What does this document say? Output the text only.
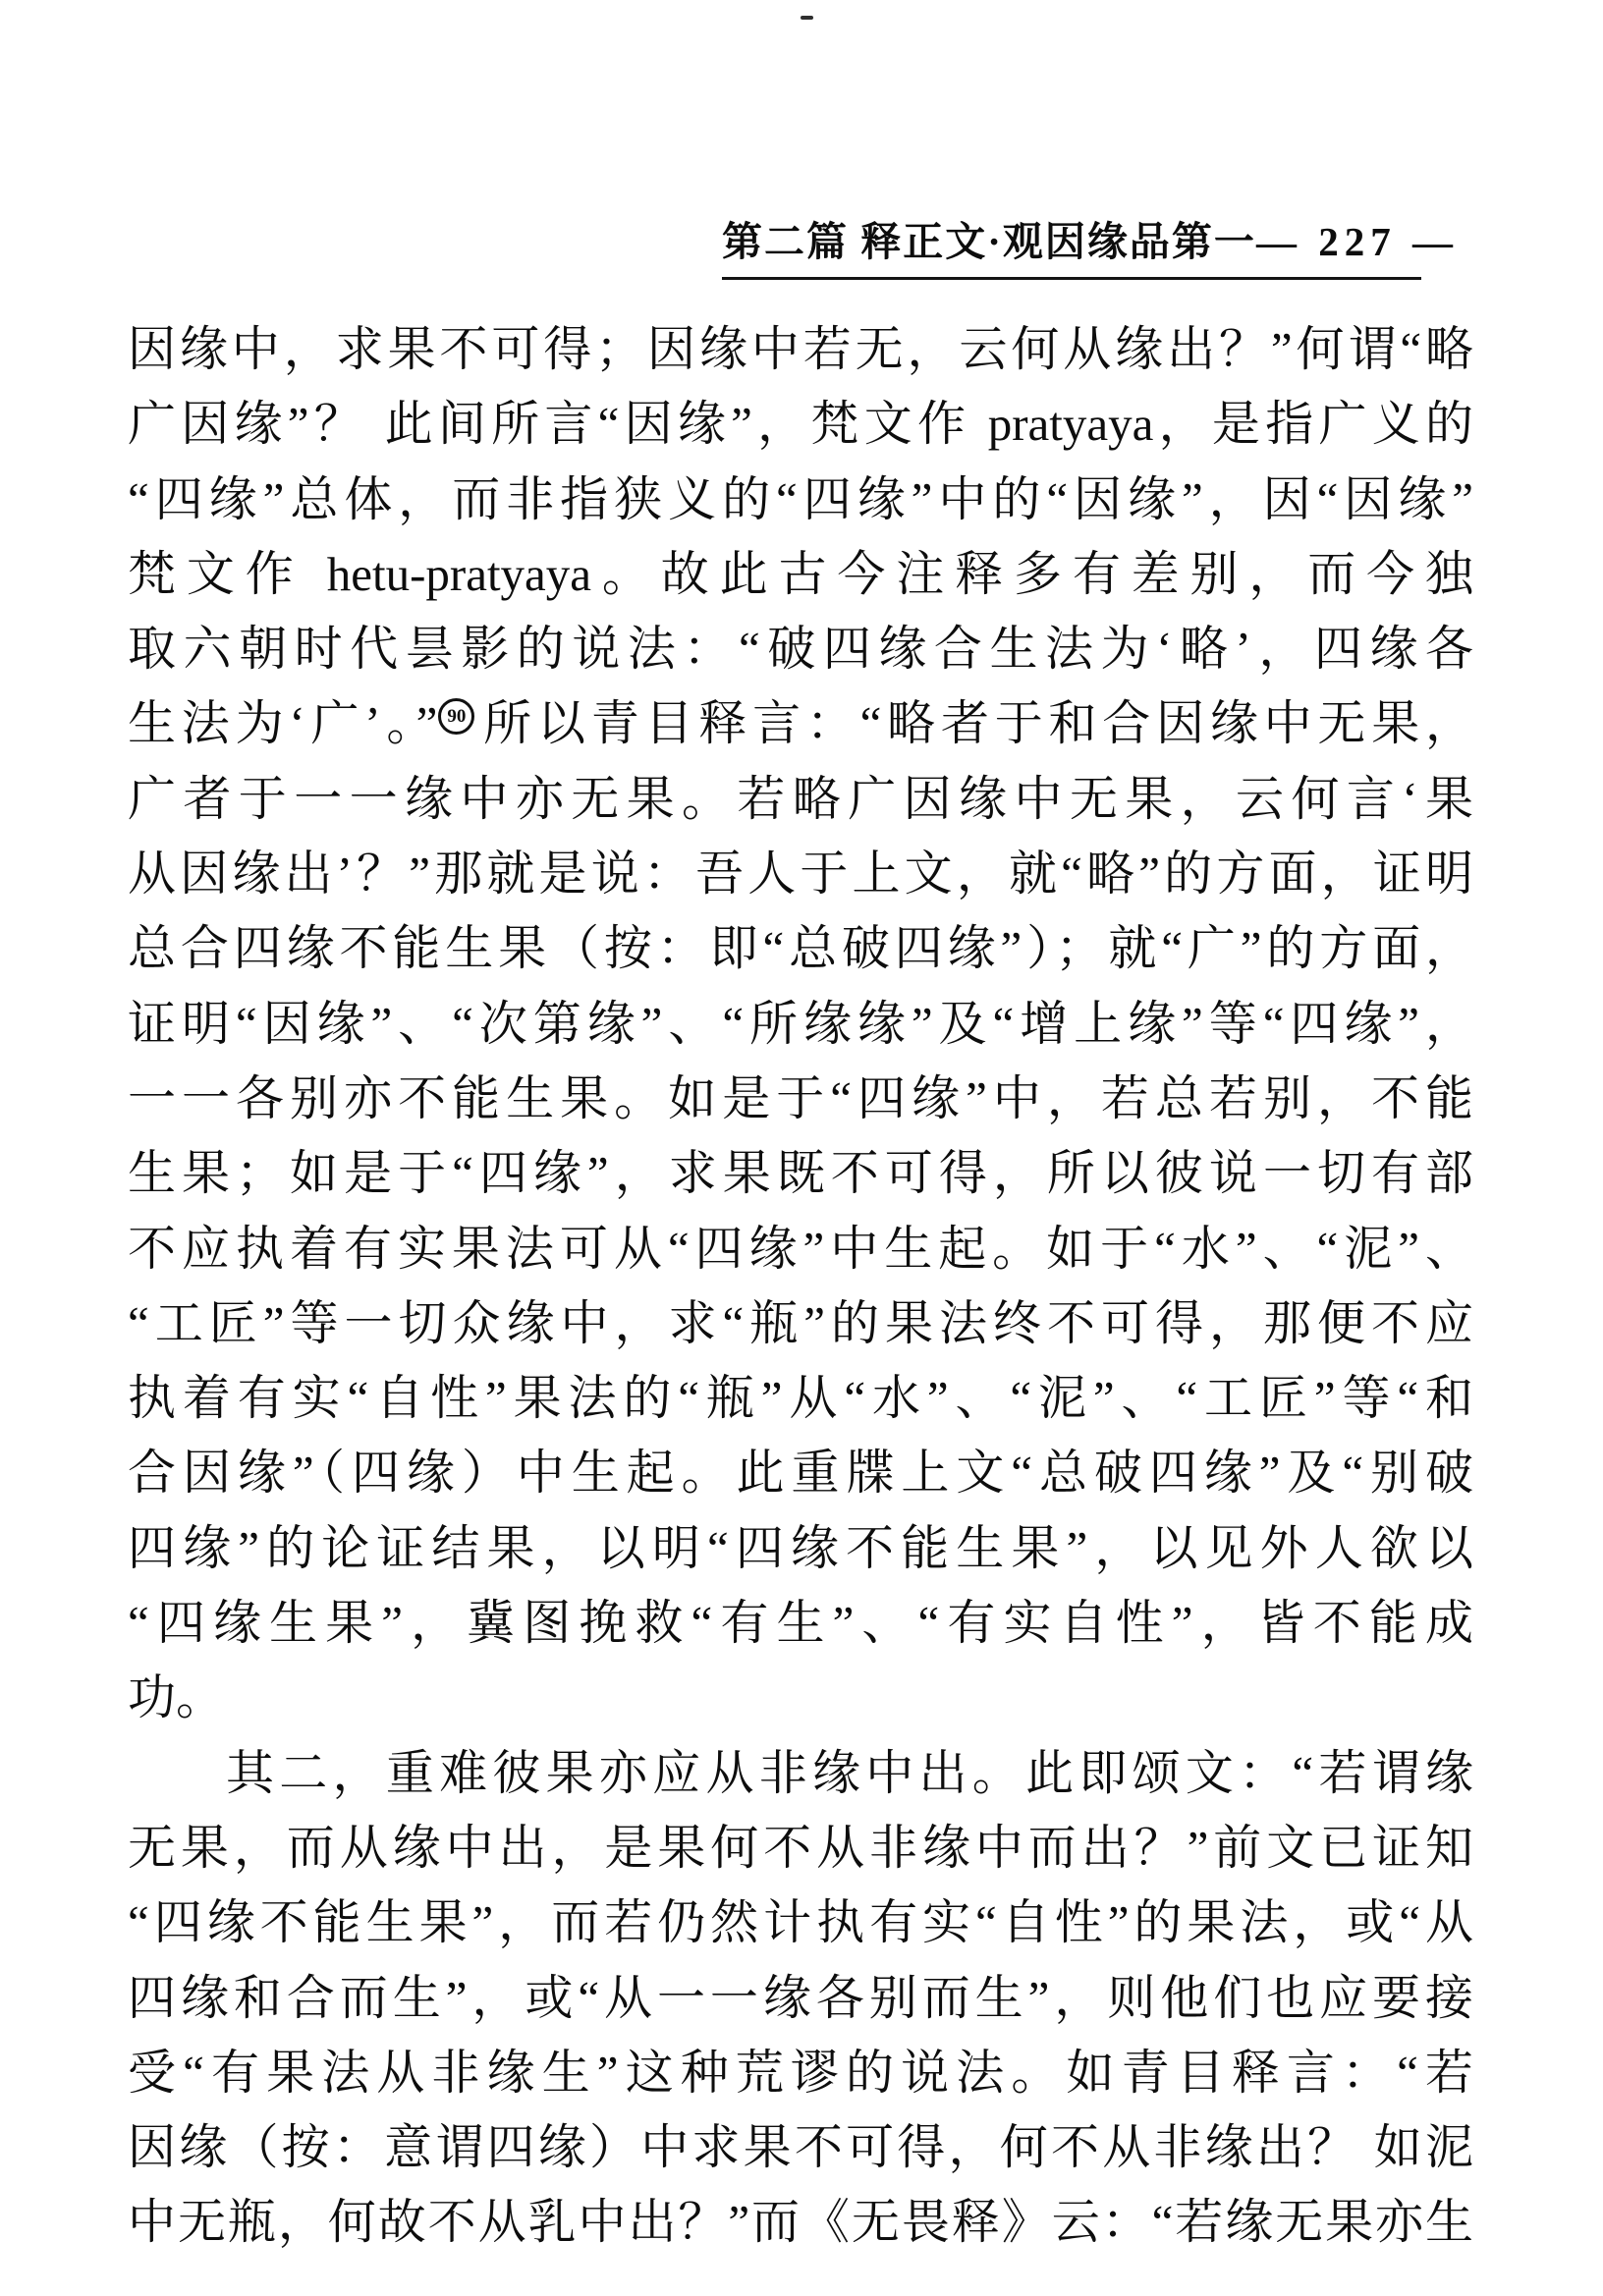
第二篇 释正文·观因缘品第一 — 227 —
因缘中，求果不可得；因缘中若无，云何从缘出？”何谓“略
广因缘”？ 此间所言“因缘”，梵文作 pratyaya，是指广义的
“四缘”总体，而非指狭义的“四缘”中的“因缘”，因“因缘”
梵文作 hetu-pratyaya。故此古今注释多有差别，而今独
取六朝时代昙影的说法：“破四缘合生法为‘略’，四缘各
生法为‘广’。” 90 所以青目释言：“略者于和合因缘中无果，
广者于一一缘中亦无果。若略广因缘中无果，云何言‘果
从因缘出’？”那就是说：吾人于上文，就“略”的方面，证明
总合四缘不能生果（按：即“总破四缘”）；就“广”的方面，
证明“因缘”、“次第缘”、“所缘缘”及“增上缘”等“四缘”，
一一各别亦不能生果。如是于“四缘”中，若总若别，不能
生果；如是于“四缘”，求果既不可得，所以彼说一切有部
不应执着有实果法可从“四缘”中生起。如于“水”、“泥”、
“工匠”等一切众缘中，求“瓶”的果法终不可得，那便不应
执着有实“自性”果法的“瓶”从“水”、“泥”、“工匠”等“和
合因缘”（四缘）中生起。此重牒上文“总破四缘”及“别破
四缘”的论证结果，以明“四缘不能生果”，以见外人欲以
“四缘生果”，冀图挽救“有生”、“有实自性”，皆不能成
功。
其二，重难彼果亦应从非缘中出。此即颂文：“若谓缘
无果，而从缘中出，是果何不从非缘中而出？”前文已证知
“四缘不能生果”，而若仍然计执有实“自性”的果法，或“从
四缘和合而生”，或“从一一缘各别而生”，则他们也应要接
受“有果法从非缘生”这种荒谬的说法。如青目释言：“若
因缘（按：意谓四缘）中求果不可得，何不从非缘出？ 如泥
中无瓶，何故不从乳中出？”而《无畏释》云：“若缘无果亦生
